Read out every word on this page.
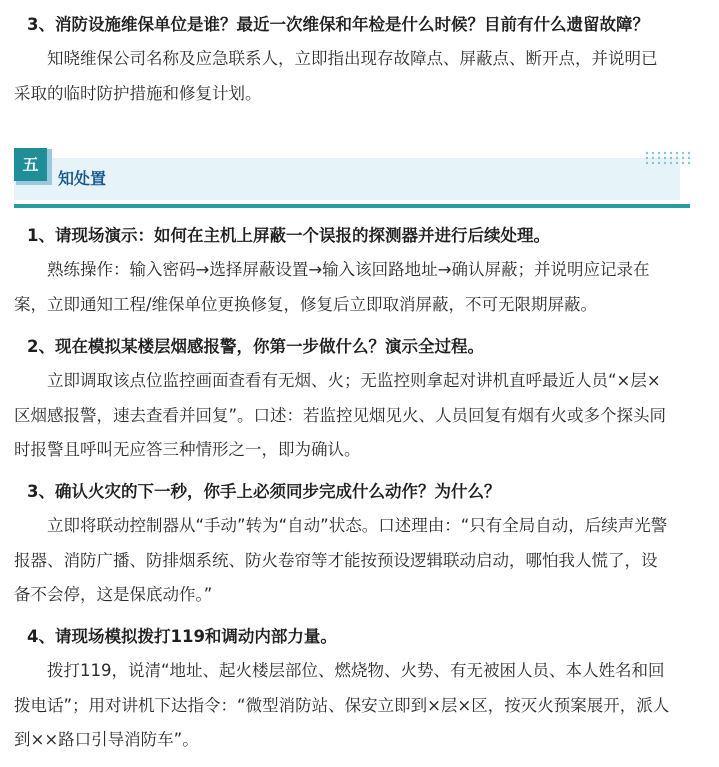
3、消防设施维保单位是谁？最近一次维保和年检是什么时候？目前有什么遗留故障？
知晓维保公司名称及应急联系人，立即指出现存故障点、屏蔽点、断开点，并说明已
采取的临时防护措施和修复计划。
五
知处置
1、请现场演示：如何在主机上屏蔽一个误报的探测器并进行后续处理。
熟练操作：输入密码→选择屏蔽设置→输入该回路地址→确认屏蔽；并说明应记录在
案，立即通知工程/维保单位更换修复，修复后立即取消屏蔽，不可无限期屏蔽。
2、现在模拟某楼层烟感报警，你第一步做什么？演示全过程。
立即调取该点位监控画面查看有无烟、火；无监控则拿起对讲机直呼最近人员“×层×
区烟感报警，速去查看并回复”。口述：若监控见烟见火、人员回复有烟有火或多个探头同
时报警且呼叫无应答三种情形之一，即为确认。
3、确认火灾的下一秒，你手上必须同步完成什么动作？为什么？
立即将联动控制器从“手动”转为“自动”状态。口述理由：“只有全局自动，后续声光警
报器、消防广播、防排烟系统、防火卷帘等才能按预设逻辑联动启动，哪怕我人慌了，设
备不会停，这是保底动作。”
4、请现场模拟拨打119和调动内部力量。
拨打119，说清“地址、起火楼层部位、燃烧物、火势、有无被困人员、本人姓名和回
拨电话”；用对讲机下达指令：“微型消防站、保安立即到×层×区，按灭火预案展开，派人
到××路口引导消防车”。
